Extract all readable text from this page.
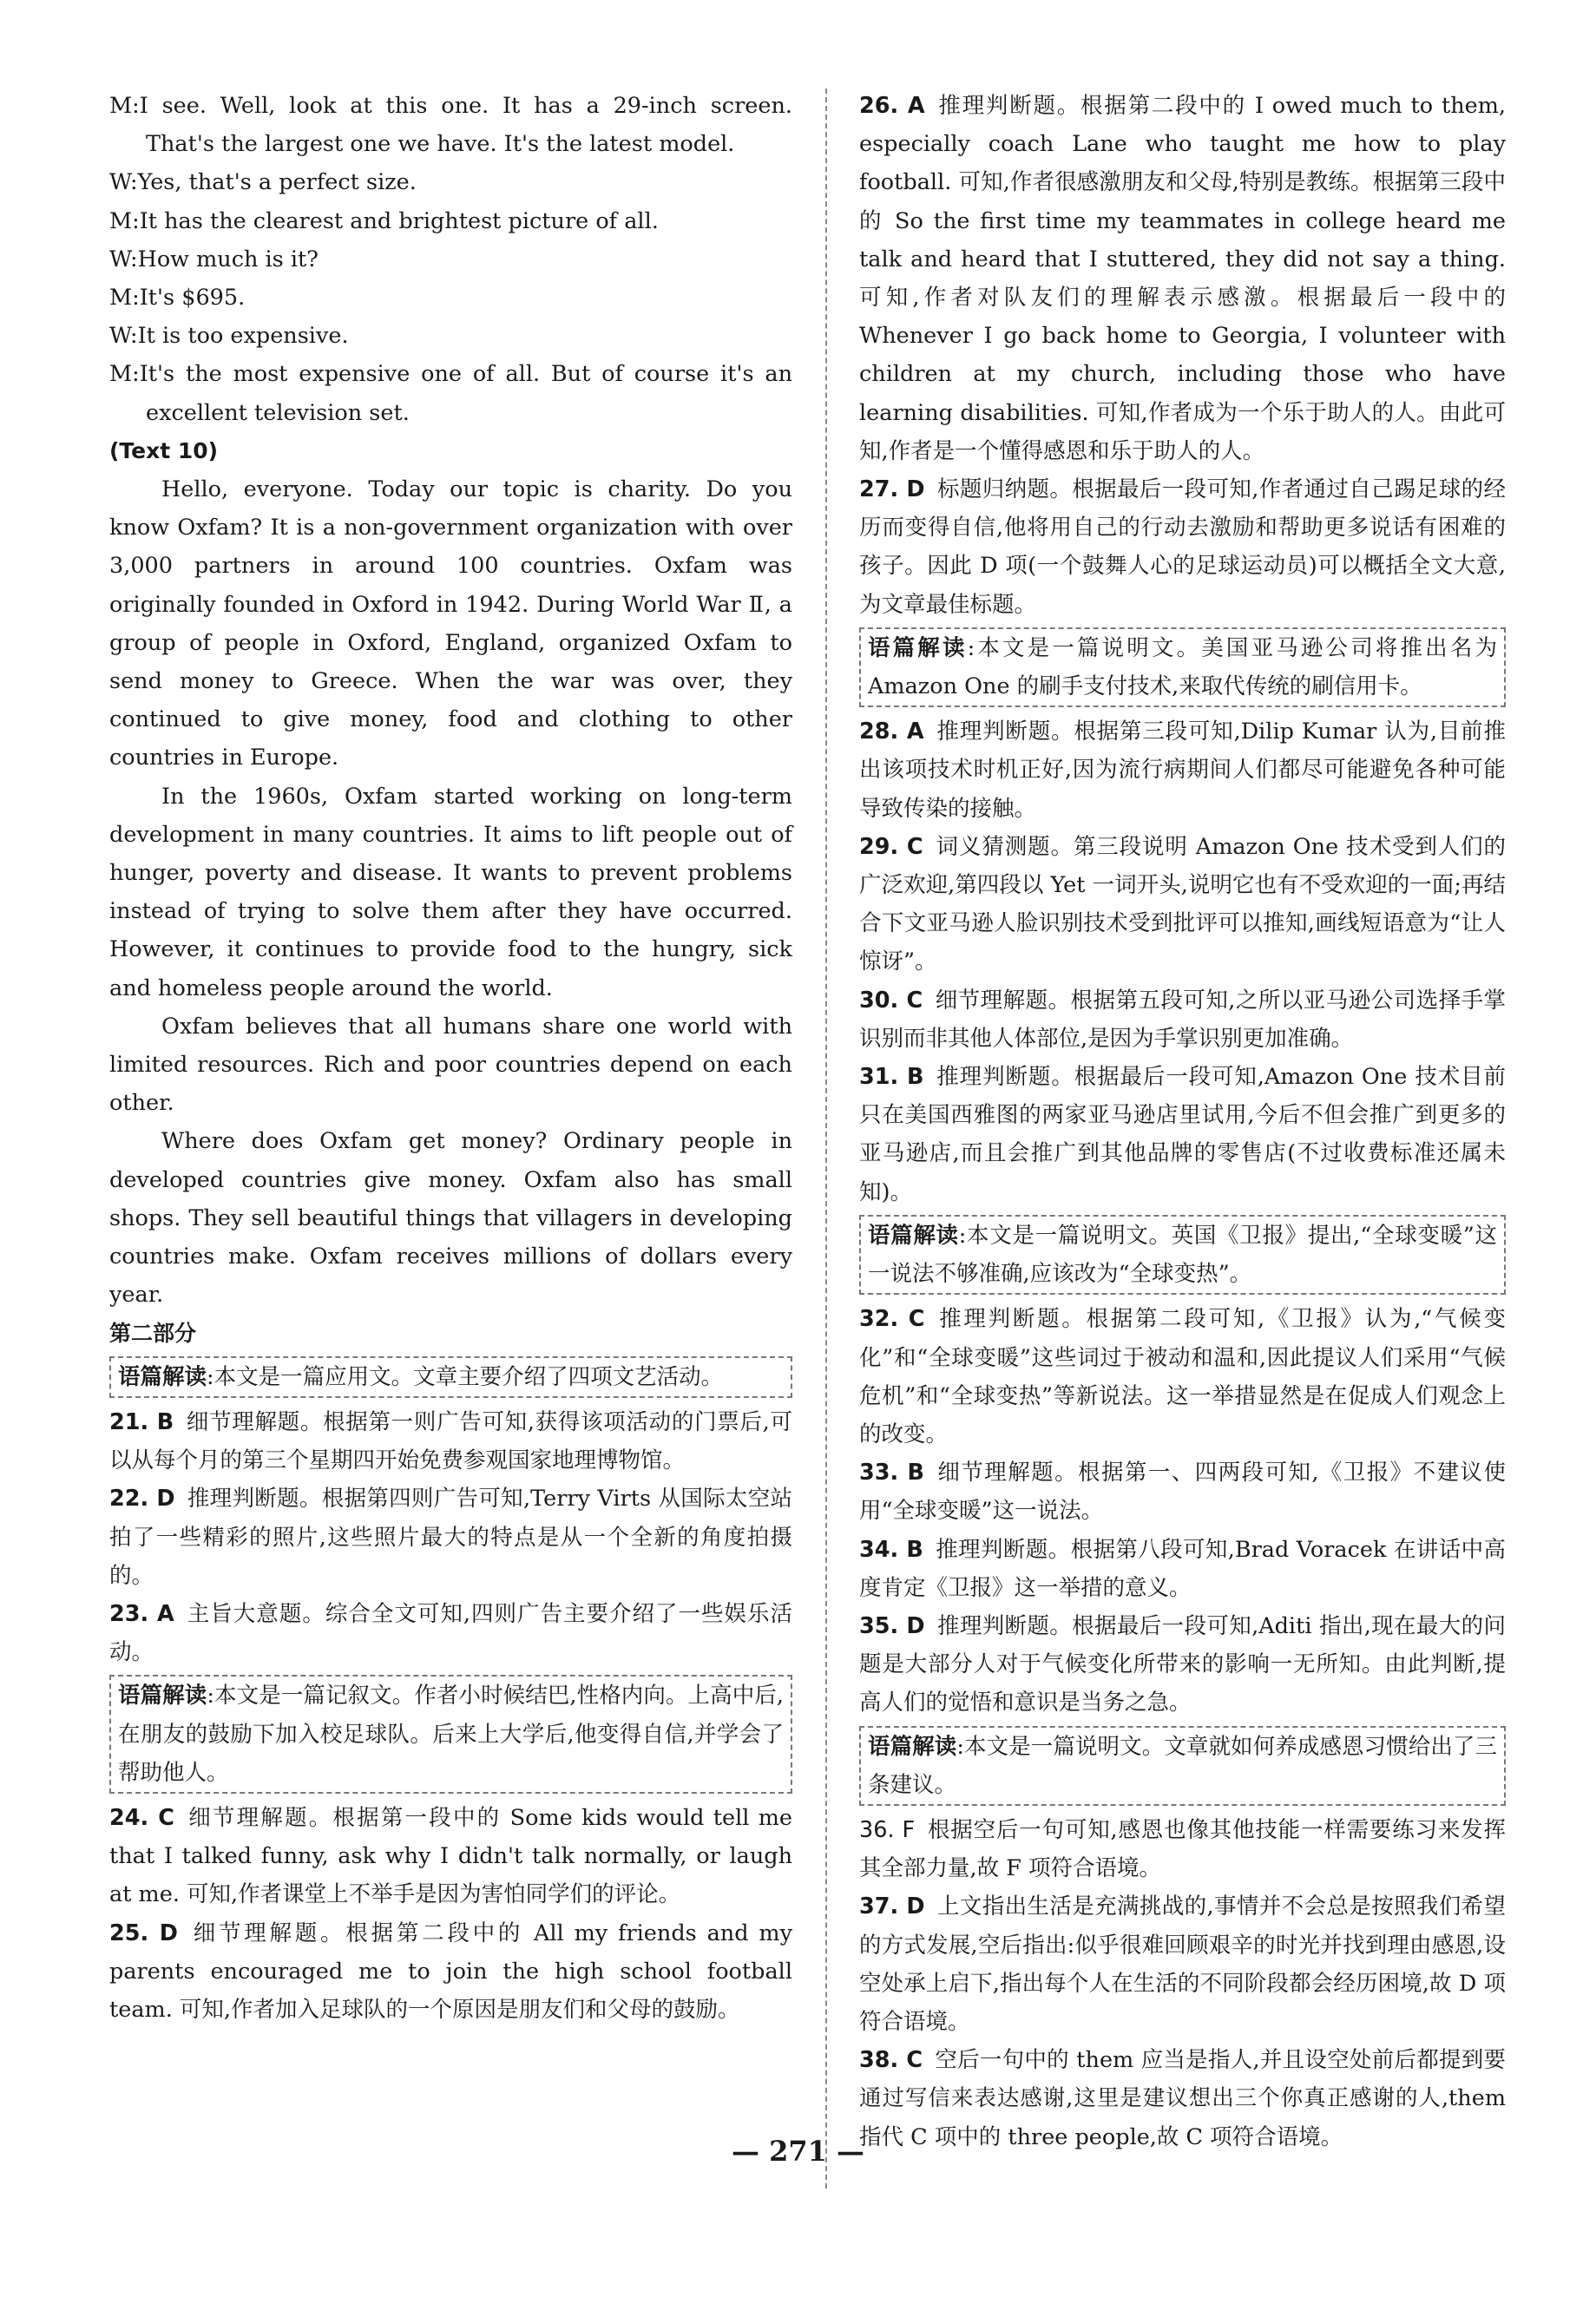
M:I see. Well, look at this one. It has a 29-inch screen. That's the largest one we have. It's the latest model.

W:Yes, that's a perfect size.

M:It has the clearest and brightest picture of all.

W:How much is it?

M:It's $695.

W:It is too expensive.

M:It's the most expensive one of all. But of course it's an excellent television set.

(Text 10)

Hello, everyone. Today our topic is charity. Do you know Oxfam? It is a non-government organization with over 3,000 partners in around 100 countries. Oxfam was originally founded in Oxford in 1942. During World War Ⅱ, a group of people in Oxford, England, organized Oxfam to send money to Greece. When the war was over, they continued to give money, food and clothing to other countries in Europe.

In the 1960s, Oxfam started working on long-term development in many countries. It aims to lift people out of hunger, poverty and disease. It wants to prevent problems instead of trying to solve them after they have occurred. However, it continues to provide food to the hungry, sick and homeless people around the world.

Oxfam believes that all humans share one world with limited resources. Rich and poor countries depend on each other.

Where does Oxfam get money? Ordinary people in developed countries give money. Oxfam also has small shops. They sell beautiful things that villagers in developing countries make. Oxfam receives millions of dollars every year.

第二部分

语篇解读:本文是一篇应用文。文章主要介绍了四项文艺活动。

21. B 细节理解题。根据第一则广告可知,获得该项活动的门票后,可以从每个月的第三个星期四开始免费参观国家地理博物馆。

22. D 推理判断题。根据第四则广告可知,Terry Virts 从国际太空站拍了一些精彩的照片,这些照片最大的特点是从一个全新的角度拍摄的。

23. A 主旨大意题。综合全文可知,四则广告主要介绍了一些娱乐活动。

语篇解读:本文是一篇记叙文。作者小时候结巴,性格内向。上高中后,在朋友的鼓励下加入校足球队。后来上大学后,他变得自信,并学会了帮助他人。

24. C 细节理解题。根据第一段中的 Some kids would tell me that I talked funny, ask why I didn't talk normally, or laugh at me. 可知,作者课堂上不举手是因为害怕同学们的评论。

25. D 细节理解题。根据第二段中的 All my friends and my parents encouraged me to join the high school football team. 可知,作者加入足球队的一个原因是朋友们和父母的鼓励。

26. A 推理判断题。根据第二段中的 I owed much to them, especially coach Lane who taught me how to play football. 可知,作者很感激朋友和父母,特别是教练。根据第三段中的 So the first time my teammates in college heard me talk and heard that I stuttered, they did not say a thing. 可知,作者对队友们的理解表示感激。根据最后一段中的 Whenever I go back home to Georgia, I volunteer with children at my church, including those who have learning disabilities. 可知,作者成为一个乐于助人的人。由此可知,作者是一个懂得感恩和乐于助人的人。

27. D 标题归纳题。根据最后一段可知,作者通过自己踢足球的经历而变得自信,他将用自己的行动去激励和帮助更多说话有困难的孩子。因此 D 项(一个鼓舞人心的足球运动员)可以概括全文大意,为文章最佳标题。

语篇解读:本文是一篇说明文。美国亚马逊公司将推出名为 Amazon One 的刷手支付技术,来取代传统的刷信用卡。

28. A 推理判断题。根据第三段可知,Dilip Kumar 认为,目前推出该项技术时机正好,因为流行病期间人们都尽可能避免各种可能导致传染的接触。

29. C 词义猜测题。第三段说明 Amazon One 技术受到人们的广泛欢迎,第四段以 Yet 一词开头,说明它也有不受欢迎的一面;再结合下文亚马逊人脸识别技术受到批评可以推知,画线短语意为“让人惊讶”。

30. C 细节理解题。根据第五段可知,之所以亚马逊公司选择手掌识别而非其他人体部位,是因为手掌识别更加准确。

31. B 推理判断题。根据最后一段可知,Amazon One 技术目前只在美国西雅图的两家亚马逊店里试用,今后不但会推广到更多的亚马逊店,而且会推广到其他品牌的零售店(不过收费标准还属未知)。

语篇解读:本文是一篇说明文。英国《卫报》提出,“全球变暖”这一说法不够准确,应该改为“全球变热”。

32. C 推理判断题。根据第二段可知,《卫报》认为,“气候变化”和“全球变暖”这些词过于被动和温和,因此提议人们采用“气候危机”和“全球变热”等新说法。这一举措显然是在促成人们观念上的改变。

33. B 细节理解题。根据第一、四两段可知,《卫报》不建议使用“全球变暖”这一说法。

34. B 推理判断题。根据第八段可知,Brad Voracek 在讲话中高度肯定《卫报》这一举措的意义。

35. D 推理判断题。根据最后一段可知,Aditi 指出,现在最大的问题是大部分人对于气候变化所带来的影响一无所知。由此判断,提高人们的觉悟和意识是当务之急。

语篇解读:本文是一篇说明文。文章就如何养成感恩习惯给出了三条建议。

36. F 根据空后一句可知,感恩也像其他技能一样需要练习来发挥其全部力量,故 F 项符合语境。

37. D 上文指出生活是充满挑战的,事情并不会总是按照我们希望的方式发展,空后指出:似乎很难回顾艰辛的时光并找到理由感恩,设空处承上启下,指出每个人在生活的不同阶段都会经历困境,故 D 项符合语境。

38. C 空后一句中的 them 应当是指人,并且设空处前后都提到要通过写信来表达感谢,这里是建议想出三个你真正感谢的人,them 指代 C 项中的 three people,故 C 项符合语境。

— 271 —
